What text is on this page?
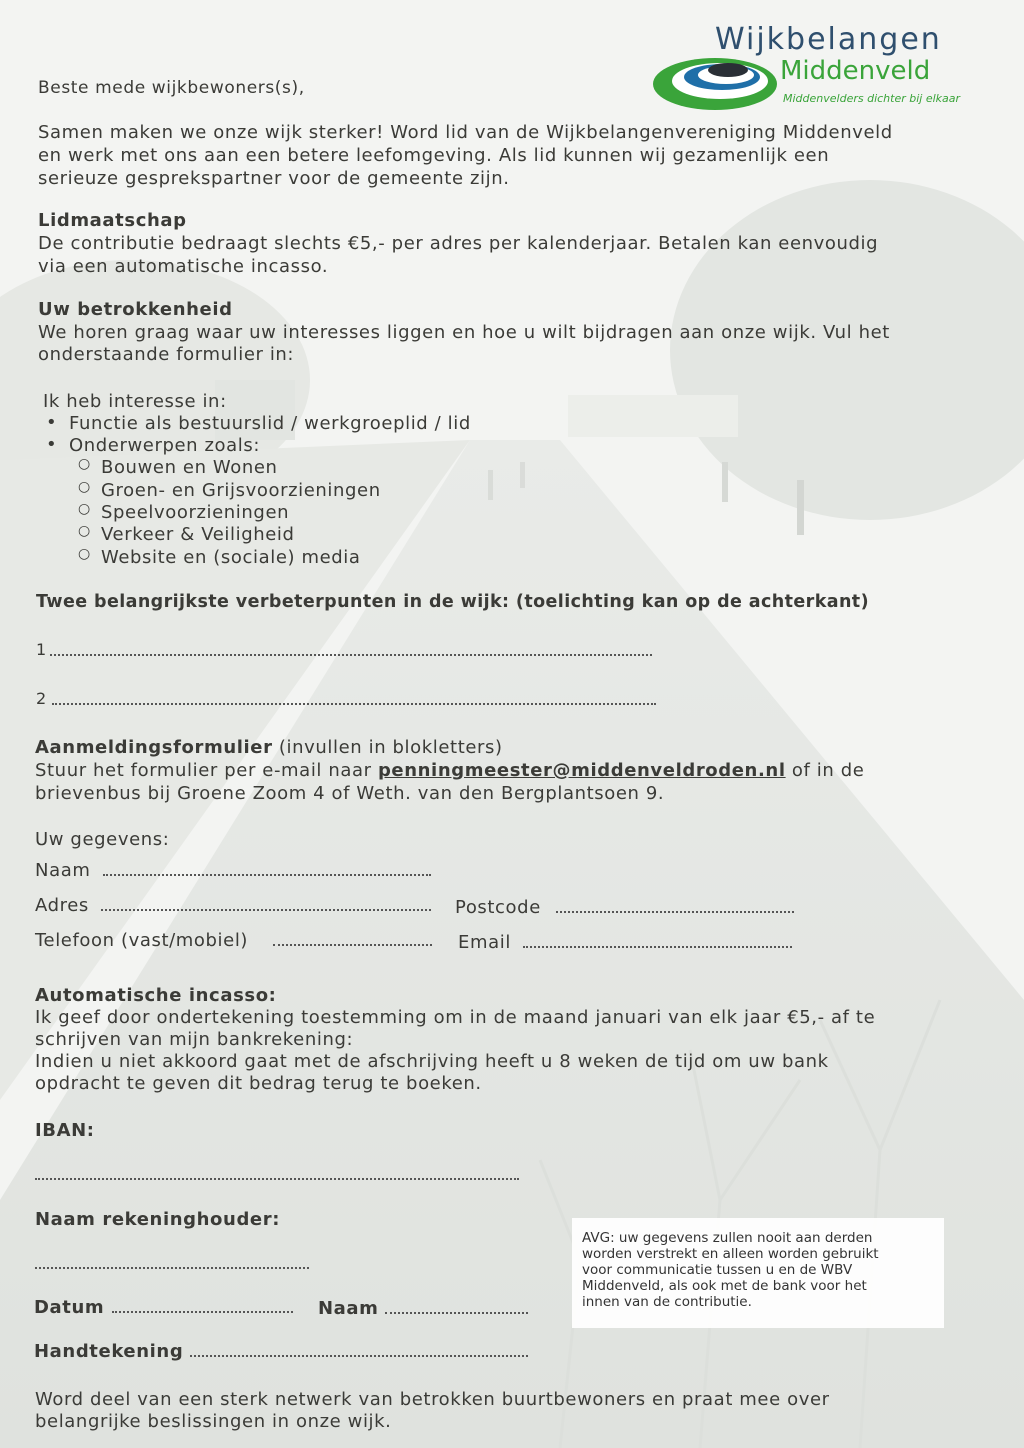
Wijkbelangen
Middenveld
Middenvelders dichter bij elkaar
Beste mede wijkbewoners(s),
Samen maken we onze wijk sterker! Word lid van de Wijkbelangenvereniging Middenveld
en werk met ons aan een betere leefomgeving. Als lid kunnen wij gezamenlijk een
serieuze gesprekspartner voor de gemeente zijn.
Lidmaatschap
De contributie bedraagt slechts €5,- per adres per kalenderjaar. Betalen kan eenvoudig
via een automatische incasso.
Uw betrokkenheid
We horen graag waar uw interesses liggen en hoe u wilt bijdragen aan onze wijk. Vul het
onderstaande formulier in:
Ik heb interesse in:
• Functie als bestuurslid / werkgroeplid / lid
• Onderwerpen zoals:
○ Bouwen en Wonen
○ Groen- en Grijsvoorzieningen
○ Speelvoorzieningen
○ Verkeer & Veiligheid
○ Website en (sociale) media
Twee belangrijkste verbeterpunten in de wijk: (toelichting kan op de achterkant)
1
2
Aanmeldingsformulier (invullen in blokletters)
Stuur het formulier per e-mail naar penningmeester@middenveldroden.nl of in de
brievenbus bij Groene Zoom 4 of Weth. van den Bergplantsoen 9.
Uw gegevens:
Naam
Adres	Postcode
Telefoon (vast/mobiel)	Email
Automatische incasso:
Ik geef door ondertekening toestemming om in de maand januari van elk jaar €5,- af te
schrijven van mijn bankrekening:
Indien u niet akkoord gaat met de afschrijving heeft u 8 weken de tijd om uw bank
opdracht te geven dit bedrag terug te boeken.
IBAN:
Naam rekeninghouder:
AVG: uw gegevens zullen nooit aan derden
worden verstrekt en alleen worden gebruikt
voor communicatie tussen u en de WBV
Middenveld, als ook met de bank voor het
innen van de contributie.
Datum	Naam
Handtekening
Word deel van een sterk netwerk van betrokken buurtbewoners en praat mee over
belangrijke beslissingen in onze wijk.
